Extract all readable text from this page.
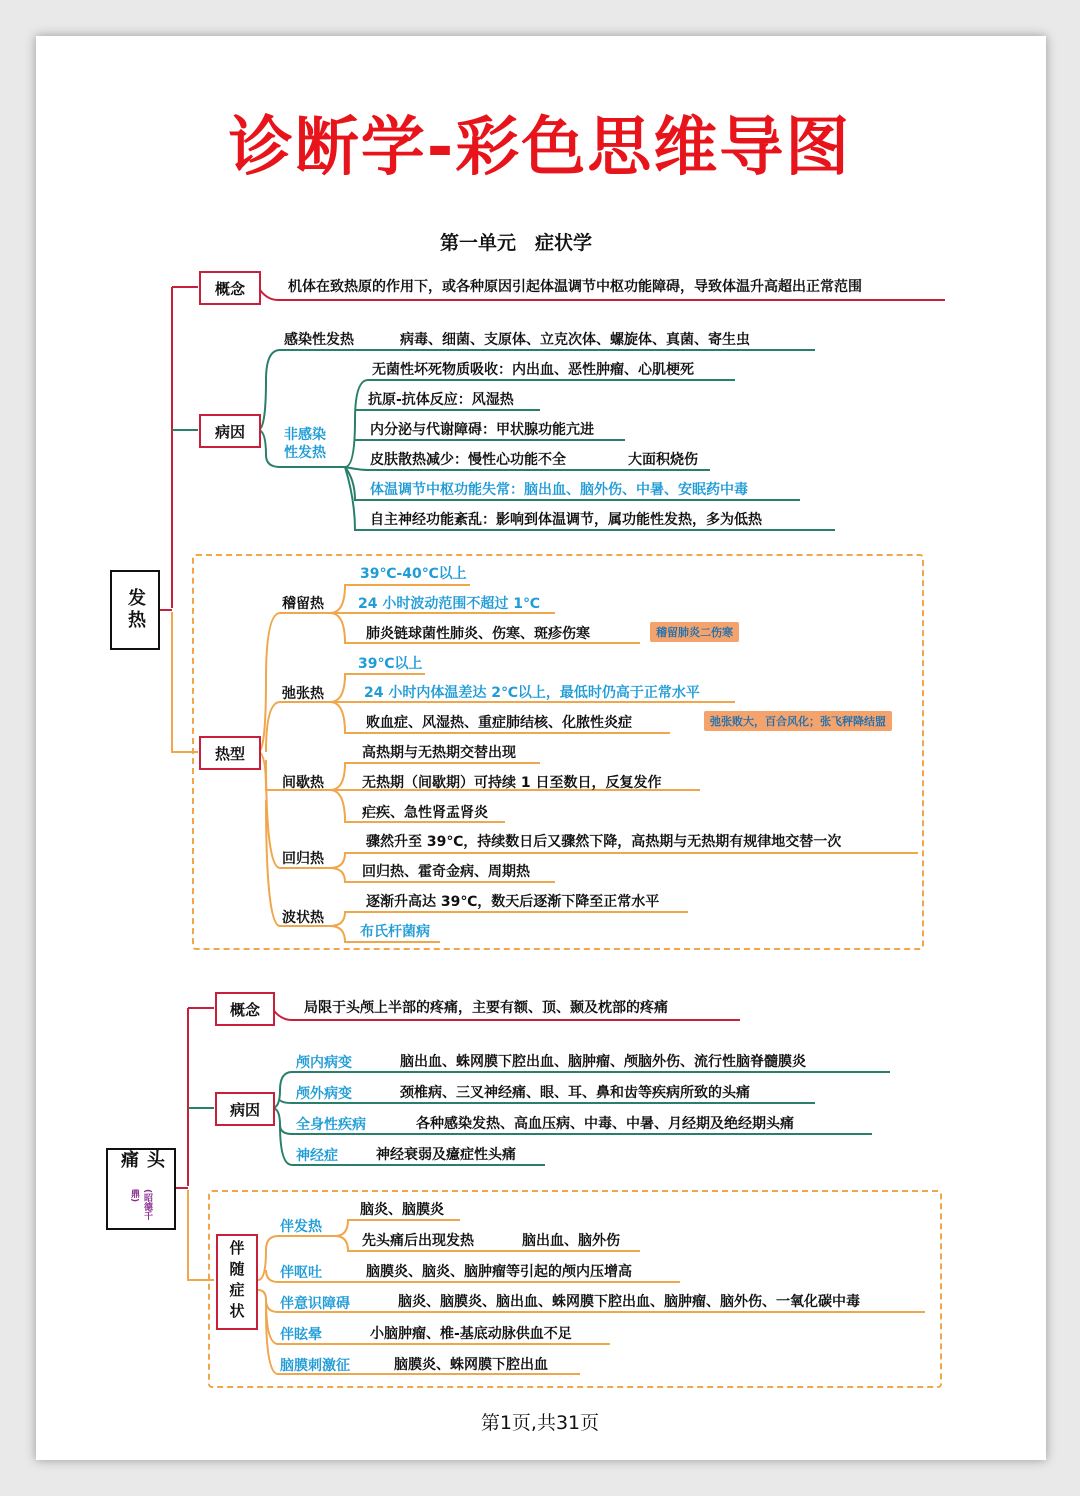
诊断学-彩色思维导图
第一单元　症状学
发热
概念	机体在致热原的作用下，或各种原因引起体温调节中枢功能障碍，导致体温升高超出正常范围
病因
感染性发热	病毒、细菌、支原体、立克次体、螺旋体、真菌、寄生虫
非感染性发热
无菌性坏死物质吸收：内出血、恶性肿瘤、心肌梗死
抗原-抗体反应：风湿热
内分泌与代谢障碍：甲状腺功能亢进
皮肤散热减少：慢性心功能不全	大面积烧伤
体温调节中枢功能失常：脑出血、脑外伤、中暑、安眠药中毒
自主神经功能紊乱：影响到体温调节，属功能性发热，多为低热
热型
稽留热
39℃-40℃以上
24 小时波动范围不超过 1℃
肺炎链球菌性肺炎、伤寒、斑疹伤寒	稽留肺炎二伤寒
弛张热
39℃以上
24 小时内体温差达 2℃以上，最低时仍高于正常水平
败血症、风湿热、重症肺结核、化脓性炎症	弛张败大，百合风化；张飞秤降结盟
间歇热
高热期与无热期交替出现
无热期（间歇期）可持续 1 日至数日，反复发作
疟疾、急性肾盂肾炎
回归热
骤然升至 39℃，持续数日后又骤然下降，高热期与无热期有规律地交替一次
回归热、霍奇金病、周期热
波状热
逐渐升高达 39℃，数天后逐渐下降至正常水平
布氏杆菌病
头痛
(昭德千鼎)
概念	局限于头颅上半部的疼痛，主要有额、顶、颞及枕部的疼痛
病因
颅内病变	脑出血、蛛网膜下腔出血、脑肿瘤、颅脑外伤、流行性脑脊髓膜炎
颅外病变	颈椎病、三叉神经痛、眼、耳、鼻和齿等疾病所致的头痛
全身性疾病	各种感染发热、高血压病、中毒、中暑、月经期及绝经期头痛
神经症	神经衰弱及癔症性头痛
伴随症状
伴发热
脑炎、脑膜炎
先头痛后出现发热	脑出血、脑外伤
伴呕吐	脑膜炎、脑炎、脑肿瘤等引起的颅内压增高
伴意识障碍	脑炎、脑膜炎、脑出血、蛛网膜下腔出血、脑肿瘤、脑外伤、一氧化碳中毒
伴眩晕	小脑肿瘤、椎-基底动脉供血不足
脑膜刺激征	脑膜炎、蛛网膜下腔出血
第1页,共31页
